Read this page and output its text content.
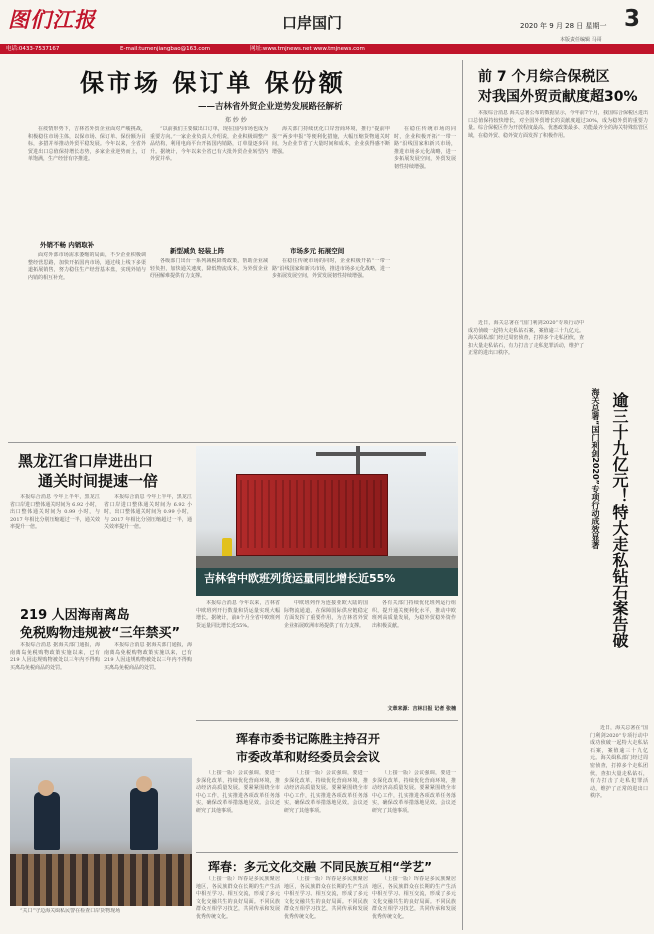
图们江报	口岸国门	2020 年 9 月 28 日 星期一 3
本版责任编辑 马哥
电话:0433-7537167	E-mail:tumenjiangbao@163.com	网址:www.tmjnews.net www.tmjnews.com
保市场 保订单 保份额
——吉林省外贸企业逆势发展路径解析
郑 妙 妙

在疫情形势下，吉林省外贸企业面对严峻挑战，积极稳住市场主体，以保市场、保订单、保份额为目标，多措并举推动外贸平稳发展。今年以来，全省外贸进出口总值保持增长态势，多家企业逆势而上，订单饱满，生产经营有序推进。

外销不畅 内销取补

面对外部市场需求萎缩的局面，不少企业积极调整经营思路，加快开拓国内市场，通过线上线下多渠道拓展销售，努力稳住生产经营基本盘，实现外销与内销的相互补充。

“以前我们主要做出口订单，现在国内市场也成为重要方向。”一家企业负责人介绍说，企业积极调整产品结构，利用电商平台开拓国内销路，订单量逐步回升。据统计，今年以来全省已有大批外贸企业转型内外贸并举。

新型减负 轻装上阵

各级部门出台一系列减税降费政策，帮助企业减轻负担，加快通关速度，降低物流成本，为外贸企业纾困解难提供有力支撑。

海关部门持续优化口岸营商环境，推行“提前申报”“两步申报”等便利化措施，大幅压缩货物通关时间，为企业节省了大量时间和成本，企业获得感不断增强。

市场多元 拓展空间

在稳住传统市场的同时，企业积极开拓“一带一路”沿线国家和新兴市场，推进市场多元化战略，进一步拓展发展空间，外贸发展韧性持续增强。

在稳住传统市场的同时，企业积极开拓“一带一路”沿线国家和新兴市场，推进市场多元化战略，进一步拓展发展空间，外贸发展韧性持续增强。

前 7 个月综合保税区
对我国外贸贡献度超30%

本报综合消息 海关总署公布的数据显示，今年前7个月，我国综合保税区进出口总值保持较快增长，对全国外贸增长的贡献度超过30%，成为稳外贸的重要力量。综合保税区作为开放程度最高、优惠政策最多、功能最齐全的海关特殊监管区域，在稳外贸、稳外资方面发挥了积极作用。

逾三十九亿元！特大走私钻石案告破
海关总署“国门利剑2020”专项行动成效显著

近日，海关总署在“国门利剑2020”专项行动中成功侦破一起特大走私钻石案，案值逾三十九亿元。海关缉私部门经过周密侦查，打掉多个走私团伙，查扣大量走私钻石，有力打击了走私犯罪活动，维护了正常的进出口秩序。

近日，海关总署在“国门利剑2020”专项行动中成功侦破一起特大走私钻石案，案值逾三十九亿元。海关缉私部门经过周密侦查，打掉多个走私团伙，查扣大量走私钻石，有力打击了走私犯罪活动，维护了正常的进出口秩序。

黑龙江省口岸进出口
通关时间提速一倍

本报综合消息 今年上半年，黑龙江省口岸进口整体通关时间为 6.92 小时，出口整体通关时间为 0.99 小时，与 2017 年相比分别压缩超过一半，通关效率提升一倍。

本报综合消息 今年上半年，黑龙江省口岸进口整体通关时间为 6.92 小时，出口整体通关时间为 0.99 小时，与 2017 年相比分别压缩超过一半，通关效率提升一倍。

219 人因海南离岛
免税购物违规被“三年禁买”

本报综合消息 据海关部门通报，海南离岛免税购物政策实施以来，已有 219 人因违规购物被处以三年内不得购买离岛免税商品的处罚。

本报综合消息 据海关部门通报，海南离岛免税购物政策实施以来，已有 219 人因违规购物被处以三年内不得购买离岛免税商品的处罚。

“关口”守边海关缉私民警在检查口岸货物现场

吉林省中欧班列货运量同比增长近55%

本报综合消息 今年以来，吉林省中欧班列开行数量和货运量实现大幅增长。据统计，前8个月全省中欧班列货运量同比增长近55%。

中欧班列作为连接亚欧大陆的国际物流通道，在保障国际供应链稳定方面发挥了重要作用，为吉林省外贸企业拓展欧洲市场提供了有力支撑。

各有关部门持续优化班列运行组织，提升通关便利化水平，推动中欧班列高质量发展，为稳外贸稳外资作出积极贡献。

文章来源：吉林日报 记者 张楠
珲春市委书记陈胜主持召开
市委改革和财经委员会会议

（上接一版）会议强调，要进一步深化改革，持续优化营商环境，推动经济高质量发展。要紧紧围绕全市中心工作，扎实推进各项改革任务落实，确保改革举措落地见效。会议还研究了其他事项。

（上接一版）会议强调，要进一步深化改革，持续优化营商环境，推动经济高质量发展。要紧紧围绕全市中心工作，扎实推进各项改革任务落实，确保改革举措落地见效。会议还研究了其他事项。

（上接一版）会议强调，要进一步深化改革，持续优化营商环境，推动经济高质量发展。要紧紧围绕全市中心工作，扎实推进各项改革任务落实，确保改革举措落地见效。会议还研究了其他事项。

珲春：多元文化交融 不同民族互相“学艺”

（上接一版）珲春是多民族聚居地区，各民族群众在长期的生产生活中相互学习、相互交流，形成了多元文化交融共生的良好局面。不同民族群众互相学习技艺，共同传承和发展优秀传统文化。

（上接一版）珲春是多民族聚居地区，各民族群众在长期的生产生活中相互学习、相互交流，形成了多元文化交融共生的良好局面。不同民族群众互相学习技艺，共同传承和发展优秀传统文化。

（上接一版）珲春是多民族聚居地区，各民族群众在长期的生产生活中相互学习、相互交流，形成了多元文化交融共生的良好局面。不同民族群众互相学习技艺，共同传承和发展优秀传统文化。
